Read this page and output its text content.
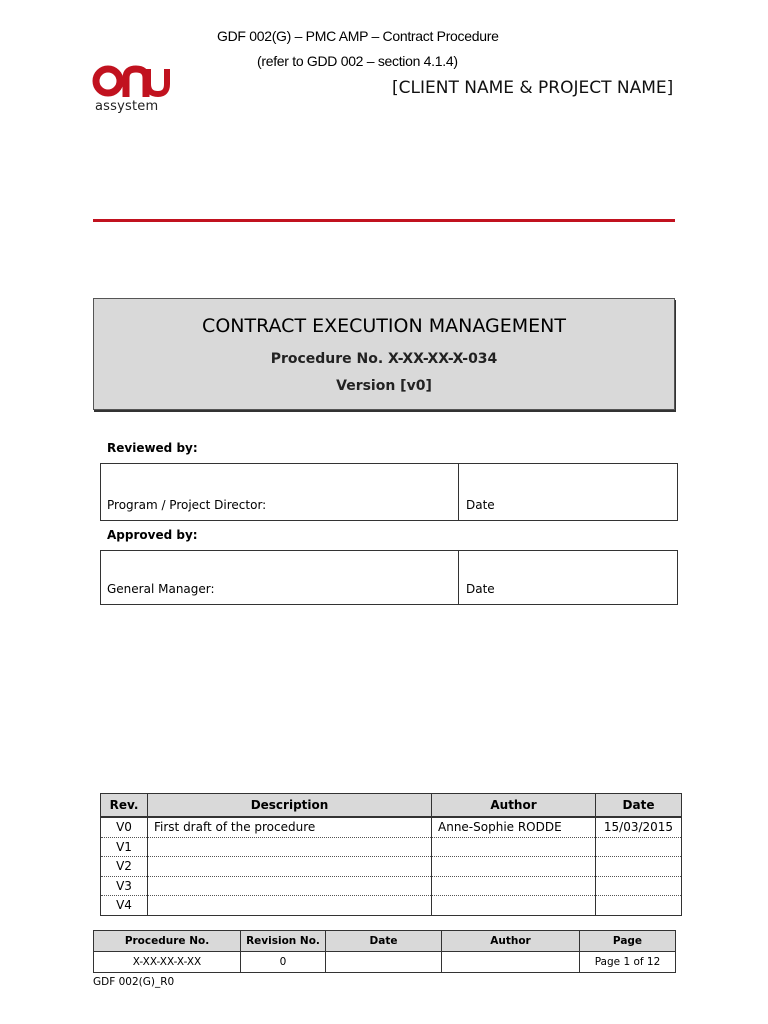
GDF 002(G) – PMC AMP – Contract Procedure
(refer to GDD 002 – section 4.1.4)
assystem
[CLIENT NAME & PROJECT NAME]
CONTRACT EXECUTION MANAGEMENT
Procedure No. X-XX-XX-X-034
Version [v0]
Reviewed by:
Program / Project Director:	Date
Approved by:
General Manager:	Date
Rev.	Description	Author	Date
V0	First draft of the procedure	Anne-Sophie RODDE	15/03/2015
V1			
V2			
V3			
V4			
Procedure No.	Revision No.	Date	Author	Page
X-XX-XX-X-XX	0			Page 1 of 12
GDF 002(G)_R0
